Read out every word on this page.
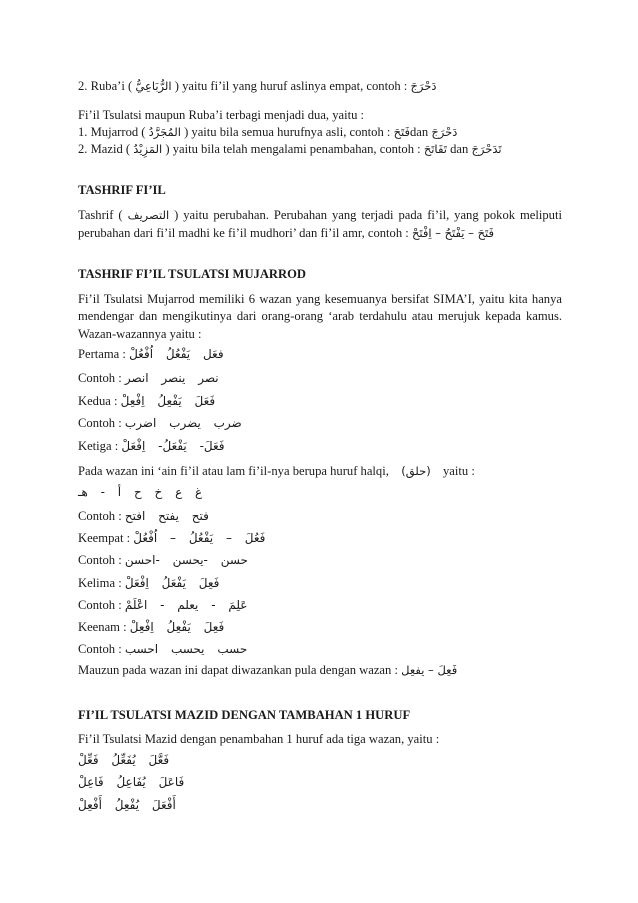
2. Ruba’i ( الرُّبَاعِيُّ ) yaitu fi’il yang huruf aslinya empat, contoh : دَحْرَجَ
Fi’il Tsulatsi maupun Ruba’i terbagi menjadi dua, yaitu :
1. Mujarrod ( المُجَرَّدُ ) yaitu bila semua hurufnya asli, contoh : فَتَحَdan دَحْرَجَ
2. Mazid ( المَزِيْدُ ) yaitu bila telah mengalami penambahan, contoh : تَفَاتَحَ dan تَدَحْرَجَ
TASHRIF FI’IL
Tashrif ( التصريف ) yaitu perubahan. Perubahan yang terjadi pada fi’il, yang pokok meliputi
perubahan dari fi’il madhi ke fi’il mudhori’ dan fi’il amr, contoh : فَتَحَ – يَفْتَحُ – اِفْتَحْ
TASHRIF FI’IL TSULATSI MUJARROD
Fi’il Tsulatsi Mujarrod memiliki 6 wazan yang kesemuanya bersifat SIMA’I, yaitu kita hanya
mendengar dan mengikutinya dari orang-orang ‘arab terdahulu atau merujuk kepada kamus.
Wazan-wazannya yaitu :
Pertama : فعَل يَفْعُلُ اُفْعُلْ
Contoh : نصر ينصر انصر
Kedua : فَعَلَ يَفْعِلُ اِفْعِلْ
Contoh : ضرب يضرب اضرب
Ketiga : فَعَلَ- يَفْعَلُ- اِفْعَلْ
Pada wazan ini ‘ain fi’il atau lam fi’il-nya berupa huruf halqi, (حلق) yaitu :
غ ع خ ح أ - هـ
Contoh : فتح يفتح افتح
Keempat : فَعُلَ – يَفْعُلُ – اُفْعُلْ
Contoh : حسن -يحسن -احسن
Kelima : فَعِلَ يَفْعَلُ اِفْعَلْ
Contoh : عَلِمَ - يعلم - اعْلَمْ
Keenam : فَعِلَ يَفْعِلُ اِفْعِلْ
Contoh : حسب يحسب احسب
Mauzun pada wazan ini dapat diwazankan pula dengan wazan : فَعِلَ – يفعِل
FI’IL TSULATSI MAZID DENGAN TAMBAHAN 1 HURUF
Fi’il Tsulatsi Mazid dengan penambahan 1 huruf ada tiga wazan, yaitu :
فَعَّلَ يُفَعِّلُ فَعِّلْ
فَاعَلَ يُفَاعِلُ فَاعِلْ
أَفْعَلَ يُفْعِلُ أَفْعِلْ
